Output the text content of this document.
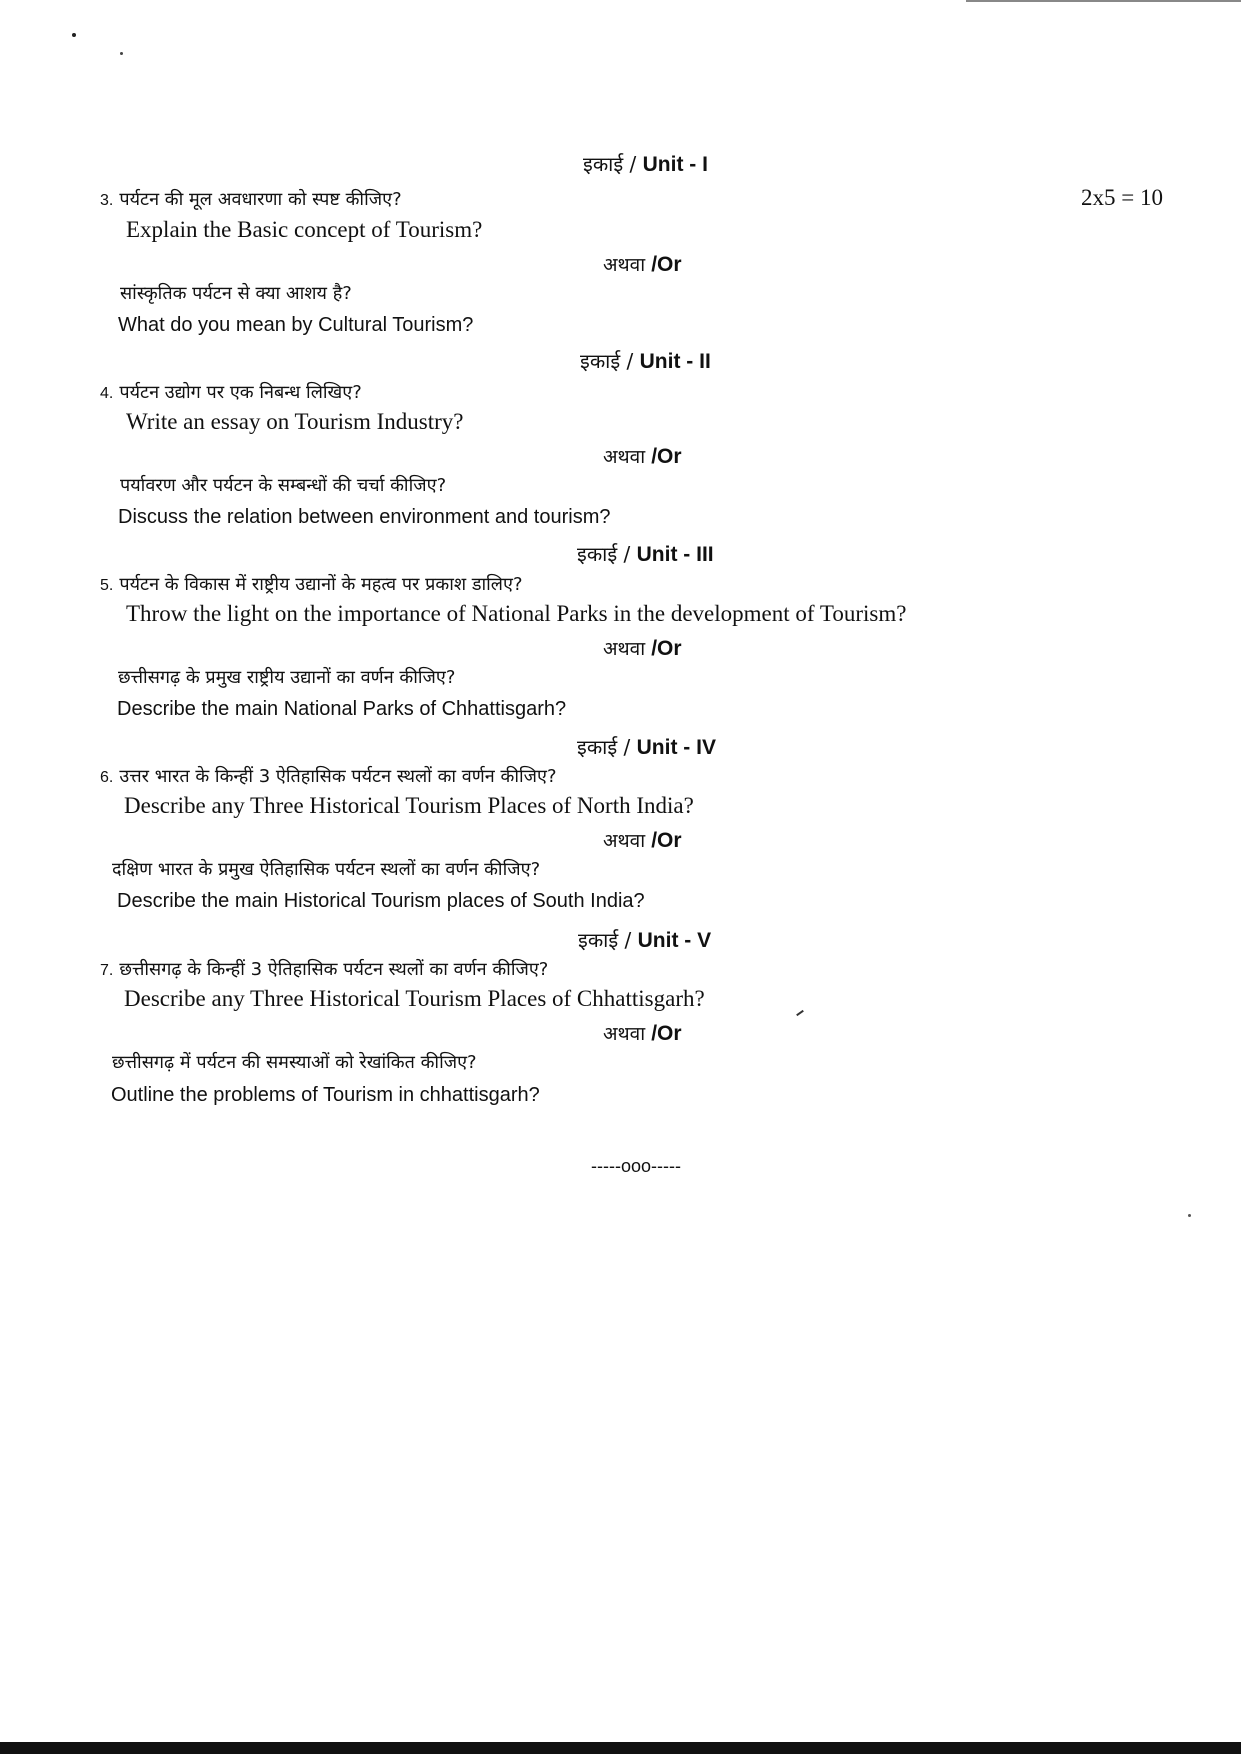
2x5 = 10
इकाई / Unit - I
3. पर्यटन की मूल अवधारणा को स्पष्ट कीजिए?
Explain the Basic concept of Tourism?
अथवा /Or
सांस्कृतिक पर्यटन से क्या आशय है?
What do you mean by Cultural Tourism?
इकाई / Unit - II
4. पर्यटन उद्योग पर एक निबन्ध लिखिए?
Write an essay on Tourism Industry?
अथवा /Or
पर्यावरण और पर्यटन के सम्बन्धों की चर्चा कीजिए?
Discuss the relation between environment and tourism?
इकाई / Unit - III
5. पर्यटन के विकास में राष्ट्रीय उद्यानों के महत्व पर प्रकाश डालिए?
Throw the light on the importance of National Parks in the development of Tourism?
अथवा /Or
छत्तीसगढ़ के प्रमुख राष्ट्रीय उद्यानों का वर्णन कीजिए?
Describe the main National Parks of Chhattisgarh?
इकाई / Unit - IV
6. उत्तर भारत के किन्हीं 3 ऐतिहासिक पर्यटन स्थलों का वर्णन कीजिए?
Describe any Three Historical Tourism Places of North India?
अथवा /Or
दक्षिण भारत के प्रमुख ऐतिहासिक पर्यटन स्थलों का वर्णन कीजिए?
Describe the main Historical Tourism places of South India?
इकाई / Unit - V
7. छत्तीसगढ़ के किन्हीं 3 ऐतिहासिक पर्यटन स्थलों का वर्णन कीजिए?
Describe any Three Historical Tourism Places of Chhattisgarh?
अथवा /Or
छत्तीसगढ़ में पर्यटन की समस्याओं को रेखांकित कीजिए?
Outline the problems of Tourism in chhattisgarh?
-----ooo-----
